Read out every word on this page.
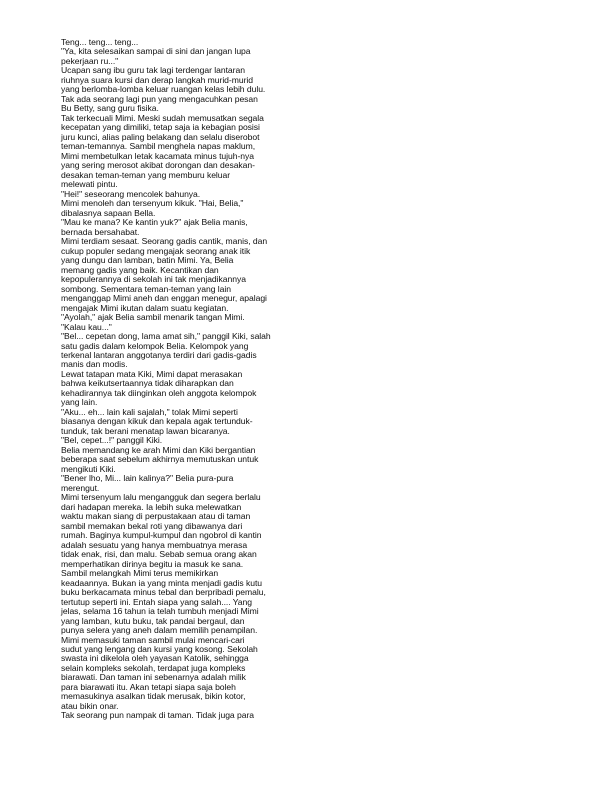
Teng... teng... teng...
"Ya, kita selesaikan sampai di sini dan jangan lupa
pekerjaan ru..."
Ucapan sang ibu guru tak lagi terdengar lantaran
riuhnya suara kursi dan derap langkah murid-murid
yang berlomba-lomba keluar ruangan kelas lebih dulu.
Tak ada seorang lagi pun yang mengacuhkan pesan
Bu Betty, sang guru fisika.
Tak terkecuali Mimi. Meski sudah memusatkan segala
kecepatan yang dimiliki, tetap saja ia kebagian posisi
juru kunci, alias paling belakang dan selalu diserobot
teman-temannya. Sambil menghela napas maklum,
Mimi membetulkan letak kacamata minus tujuh-nya
yang sering merosot akibat dorongan dan desakan-
desakan teman-teman yang memburu keluar
melewati pintu.
"Hei!" seseorang mencolek bahunya.
Mimi menoleh dan tersenyum kikuk. "Hai, Belia,"
dibalasnya sapaan Bella.
"Mau ke mana? Ke kantin yuk?" ajak Belia manis,
bernada bersahabat.
Mimi terdiam sesaat. Seorang gadis cantik, manis, dan
cukup populer sedang mengajak seorang anak itik
yang dungu dan lamban, batin Mimi. Ya, Belia
memang gadis yang baik. Kecantikan dan
kepopulerannya di sekolah ini tak menjadikannya
sombong. Sementara teman-teman yang lain
menganggap Mimi aneh dan enggan menegur, apalagi
mengajak Mimi ikutan dalam suatu kegiatan.
"Ayolah," ajak Belia sambil menarik tangan Mimi.
"Kalau kau..."
"Bel... cepetan dong, lama amat sih," panggil Kiki, salah
satu gadis dalam kelompok Belia. Kelompok yang
terkenal lantaran anggotanya terdiri dari gadis-gadis
manis dan modis.
Lewat tatapan mata Kiki, Mimi dapat merasakan
bahwa keikutsertaannya tidak diharapkan dan
kehadirannya tak diinginkan oleh anggota kelompok
yang lain.
"Aku... eh... lain kali sajalah," tolak Mimi seperti
biasanya dengan kikuk dan kepala agak tertunduk-
tunduk, tak berani menatap lawan bicaranya.
"Bel, cepet...!" panggil Kiki.
Belia memandang ke arah Mimi dan Kiki bergantian
beberapa saat sebelum akhirnya memutuskan untuk
mengikuti Kiki.
"Bener lho, Mi... lain kalinya?" Belia pura-pura
merengut.
Mimi tersenyum lalu mengangguk dan segera berlalu
dari hadapan mereka. Ia lebih suka melewatkan
waktu makan siang di perpustakaan atau di taman
sambil memakan bekal roti yang dibawanya dari
rumah. Baginya kumpul-kumpul dan ngobrol di kantin
adalah sesuatu yang hanya membuatnya merasa
tidak enak, risi, dan malu. Sebab semua orang akan
memperhatikan dirinya begitu ia masuk ke sana.
Sambil melangkah Mimi terus memikirkan
keadaannya. Bukan ia yang minta menjadi gadis kutu
buku berkacamata minus tebal dan berpribadi pemalu,
tertutup seperti ini. Entah siapa yang salah.... Yang
jelas, selama 16 tahun ia telah tumbuh menjadi Mimi
yang lamban, kutu buku, tak pandai bergaul, dan
punya selera yang aneh dalam memilih penampilan.
Mimi memasuki taman sambil mulai mencari-cari
sudut yang lengang dan kursi yang kosong. Sekolah
swasta ini dikelola oleh yayasan Katolik, sehingga
selain kompleks sekolah, terdapat juga kompleks
biarawati. Dan taman ini sebenarnya adalah milik
para biarawati itu. Akan tetapi siapa saja boleh
memasukinya asalkan tidak merusak, bikin kotor,
atau bikin onar.
Tak seorang pun nampak di taman. Tidak juga para
